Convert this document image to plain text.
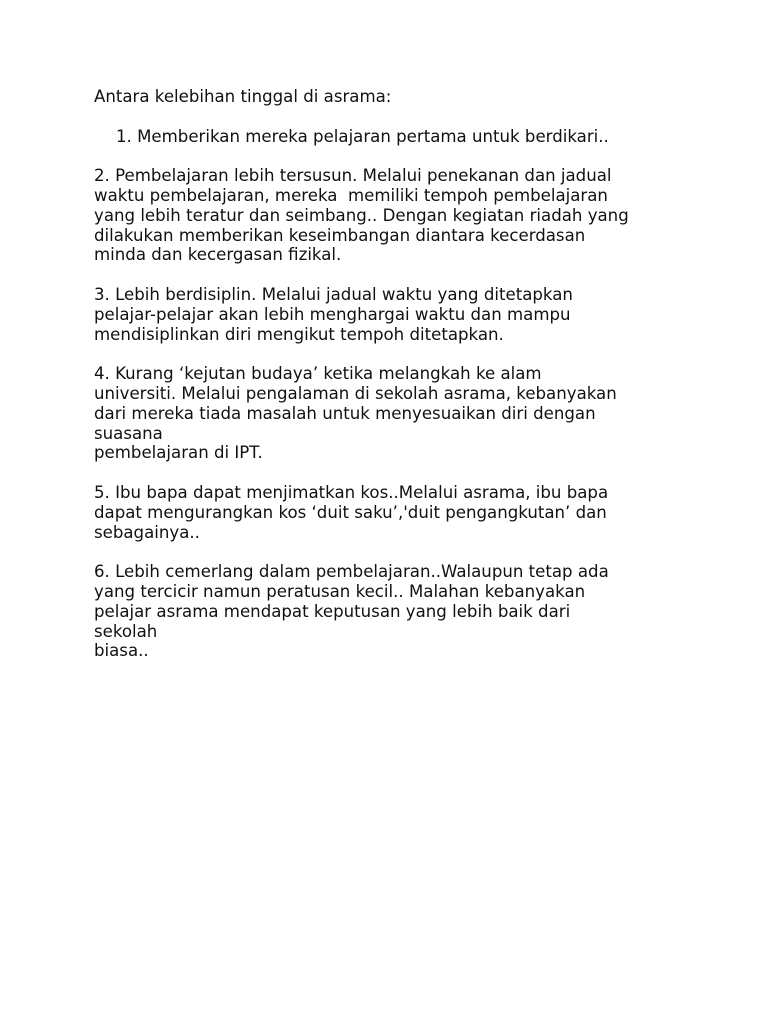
Antara kelebihan tinggal di asrama:
1. Memberikan mereka pelajaran pertama untuk berdikari..
2. Pembelajaran lebih tersusun. Melalui penekanan dan jadual
waktu pembelajaran, mereka  memiliki tempoh pembelajaran
yang lebih teratur dan seimbang.. Dengan kegiatan riadah yang
dilakukan memberikan keseimbangan diantara kecerdasan
minda dan kecergasan fizikal.
3. Lebih berdisiplin. Melalui jadual waktu yang ditetapkan
pelajar-pelajar akan lebih menghargai waktu dan mampu
mendisiplinkan diri mengikut tempoh ditetapkan.
4. Kurang ‘kejutan budaya’ ketika melangkah ke alam
universiti. Melalui pengalaman di sekolah asrama, kebanyakan
dari mereka tiada masalah untuk menyesuaikan diri dengan
suasana
pembelajaran di IPT.
5. Ibu bapa dapat menjimatkan kos..Melalui asrama, ibu bapa
dapat mengurangkan kos ‘duit saku’,'duit pengangkutan’ dan
sebagainya..
6. Lebih cemerlang dalam pembelajaran..Walaupun tetap ada
yang tercicir namun peratusan kecil.. Malahan kebanyakan
pelajar asrama mendapat keputusan yang lebih baik dari
sekolah
biasa..
